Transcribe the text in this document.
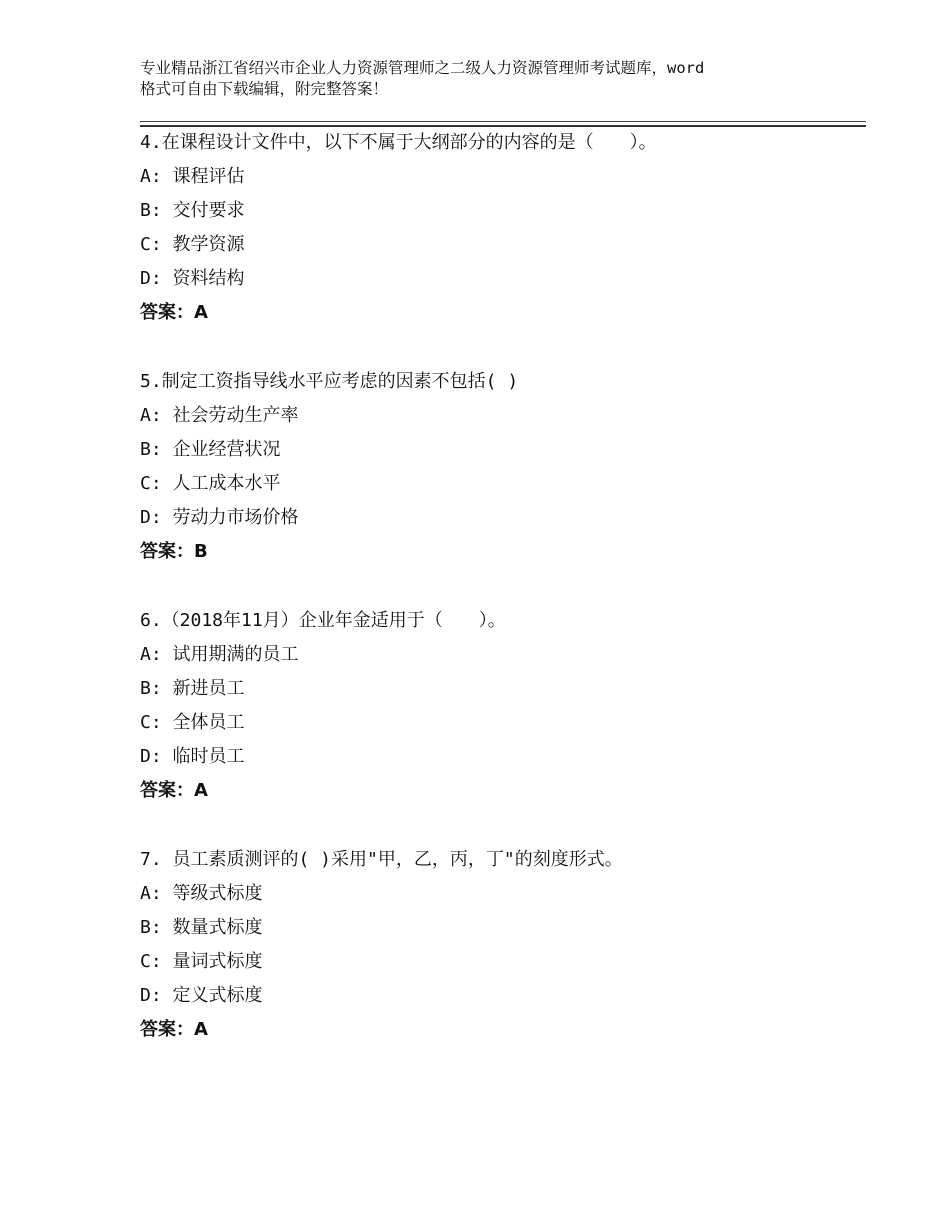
专业精品浙江省绍兴市企业人力资源管理师之二级人力资源管理师考试题库，word
格式可自由下载编辑，附完整答案！
4.在课程设计文件中，以下不属于大纲部分的内容的是（　　）。
A: 课程评估
B: 交付要求
C: 教学资源
D: 资料结构
答案：A
5.制定工资指导线水平应考虑的因素不包括( )
A: 社会劳动生产率
B: 企业经营状况
C: 人工成本水平
D: 劳动力市场价格
答案：B
6.（2018年11月）企业年金适用于（　　）。
A: 试用期满的员工
B: 新进员工
C: 全体员工
D: 临时员工
答案：A
7. 员工素质测评的( )采用"甲，乙，丙，丁"的刻度形式。
A: 等级式标度
B: 数量式标度
C: 量词式标度
D: 定义式标度
答案：A
